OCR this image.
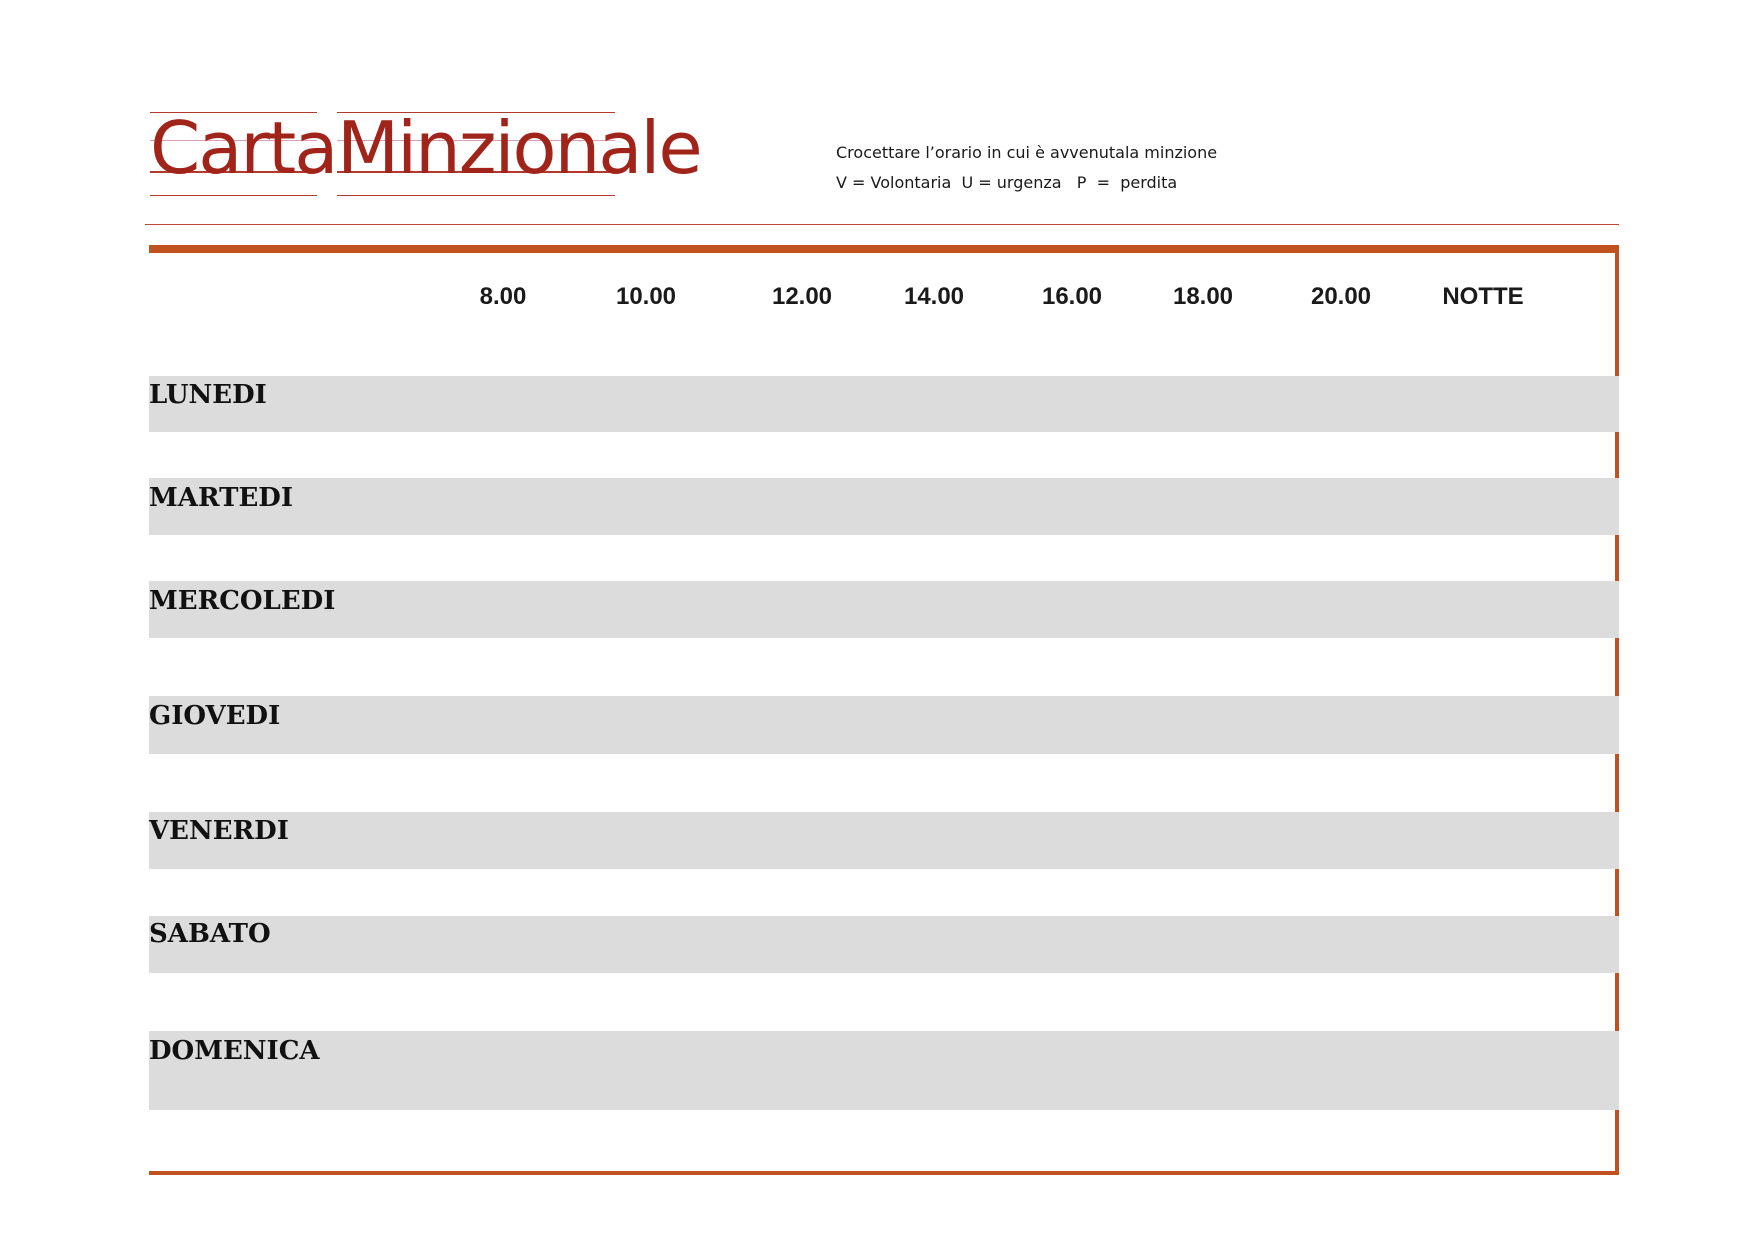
Carta Minzionale	Crocettare l’orario in cui è avvenutala minzione
V = Volontaria  U = urgenza   P  =  perdita
8.00	10.00	12.00	14.00	16.00	18.00	20.00	NOTTE
LUNEDI
MARTEDI
MERCOLEDI
GIOVEDI
VENERDI
SABATO
DOMENICA
